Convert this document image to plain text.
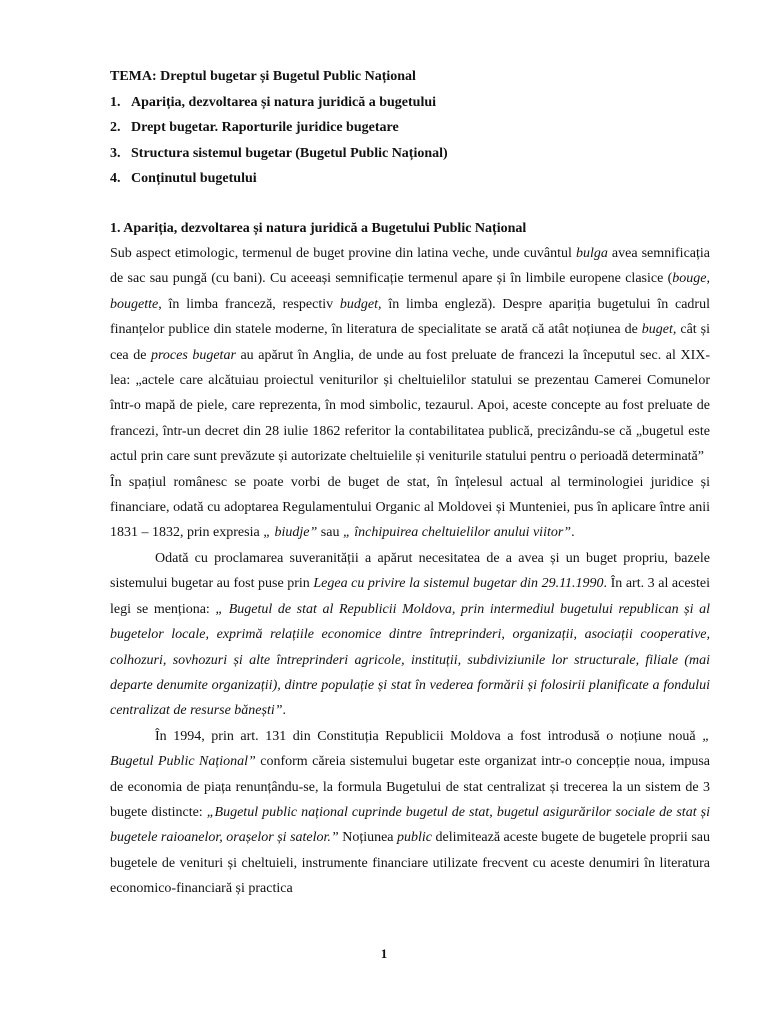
TEMA: Dreptul bugetar și Bugetul Public Național
1. Apariția, dezvoltarea și natura juridică a bugetului
2. Drept bugetar. Raporturile juridice bugetare
3. Structura sistemul bugetar (Bugetul Public Național)
4. Conținutul bugetului
1. Apariția, dezvoltarea și natura juridică a Bugetului Public Național

Sub aspect etimologic, termenul de buget provine din latina veche, unde cuvântul bulga avea semnificația de sac sau pungă (cu bani). Cu aceeași semnificație termenul apare și în limbile europene clasice (bouge, bougette, în limba franceză, respectiv budget, în limba engleză). Despre apariția bugetului în cadrul finanțelor publice din statele moderne, în literatura de specialitate se arată că atât noțiunea de buget, cât și cea de proces bugetar au apărut în Anglia, de unde au fost preluate de francezi la începutul sec. al XIX-lea: „actele care alcătuiau proiectul veniturilor și cheltuielilor statului se prezentau Camerei Comunelor într-o mapă de piele, care reprezenta, în mod simbolic, tezaurul. Apoi, aceste concepte au fost preluate de francezi, într-un decret din 28 iulie 1862 referitor la contabilitatea publică, precizându-se că „bugetul este actul prin care sunt prevăzute și autorizate cheltuielile și veniturile statului pentru o perioadă determinată”

În spațiul românesc se poate vorbi de buget de stat, în înțelesul actual al terminologiei juridice și financiare, odată cu adoptarea Regulamentului Organic al Moldovei și Munteniei, pus în aplicare între anii 1831 – 1832, prin expresia „ biudje” sau „ închipuirea cheltuielilor anului viitor”.

Odată cu proclamarea suveranității a apărut necesitatea de a avea și un buget propriu, bazele sistemului bugetar au fost puse prin Legea cu privire la sistemul bugetar din 29.11.1990. În art. 3 al acestei legi se menționa: „ Bugetul de stat al Republicii Moldova, prin intermediul bugetului republican și al bugetelor locale, exprimă relațiile economice dintre întreprinderi, organizații, asociații cooperative, colhozuri, sovhozuri și alte întreprinderi agricole, instituții, subdiviziunile lor structurale, filiale (mai departe denumite organizații), dintre populație și stat în vederea formării și folosirii planificate a fondului centralizat de resurse bănești”.

În 1994, prin art. 131 din Constituția Republicii Moldova a fost introdusă o noțiune nouă „ Bugetul Public Național” conform căreia sistemului bugetar este organizat intr-o concepție noua, impusa de economia de piața renunțându-se, la formula Bugetului de stat centralizat și trecerea la un sistem de 3 bugete distincte: „Bugetul public național cuprinde bugetul de stat, bugetul asigurărilor sociale de stat și bugetele raioanelor, orașelor și satelor.” Noțiunea public delimitează aceste bugete de bugetele proprii sau bugetele de venituri și cheltuieli, instrumente financiare utilizate frecvent cu aceste denumiri în literatura economico-financiară și practica

1
